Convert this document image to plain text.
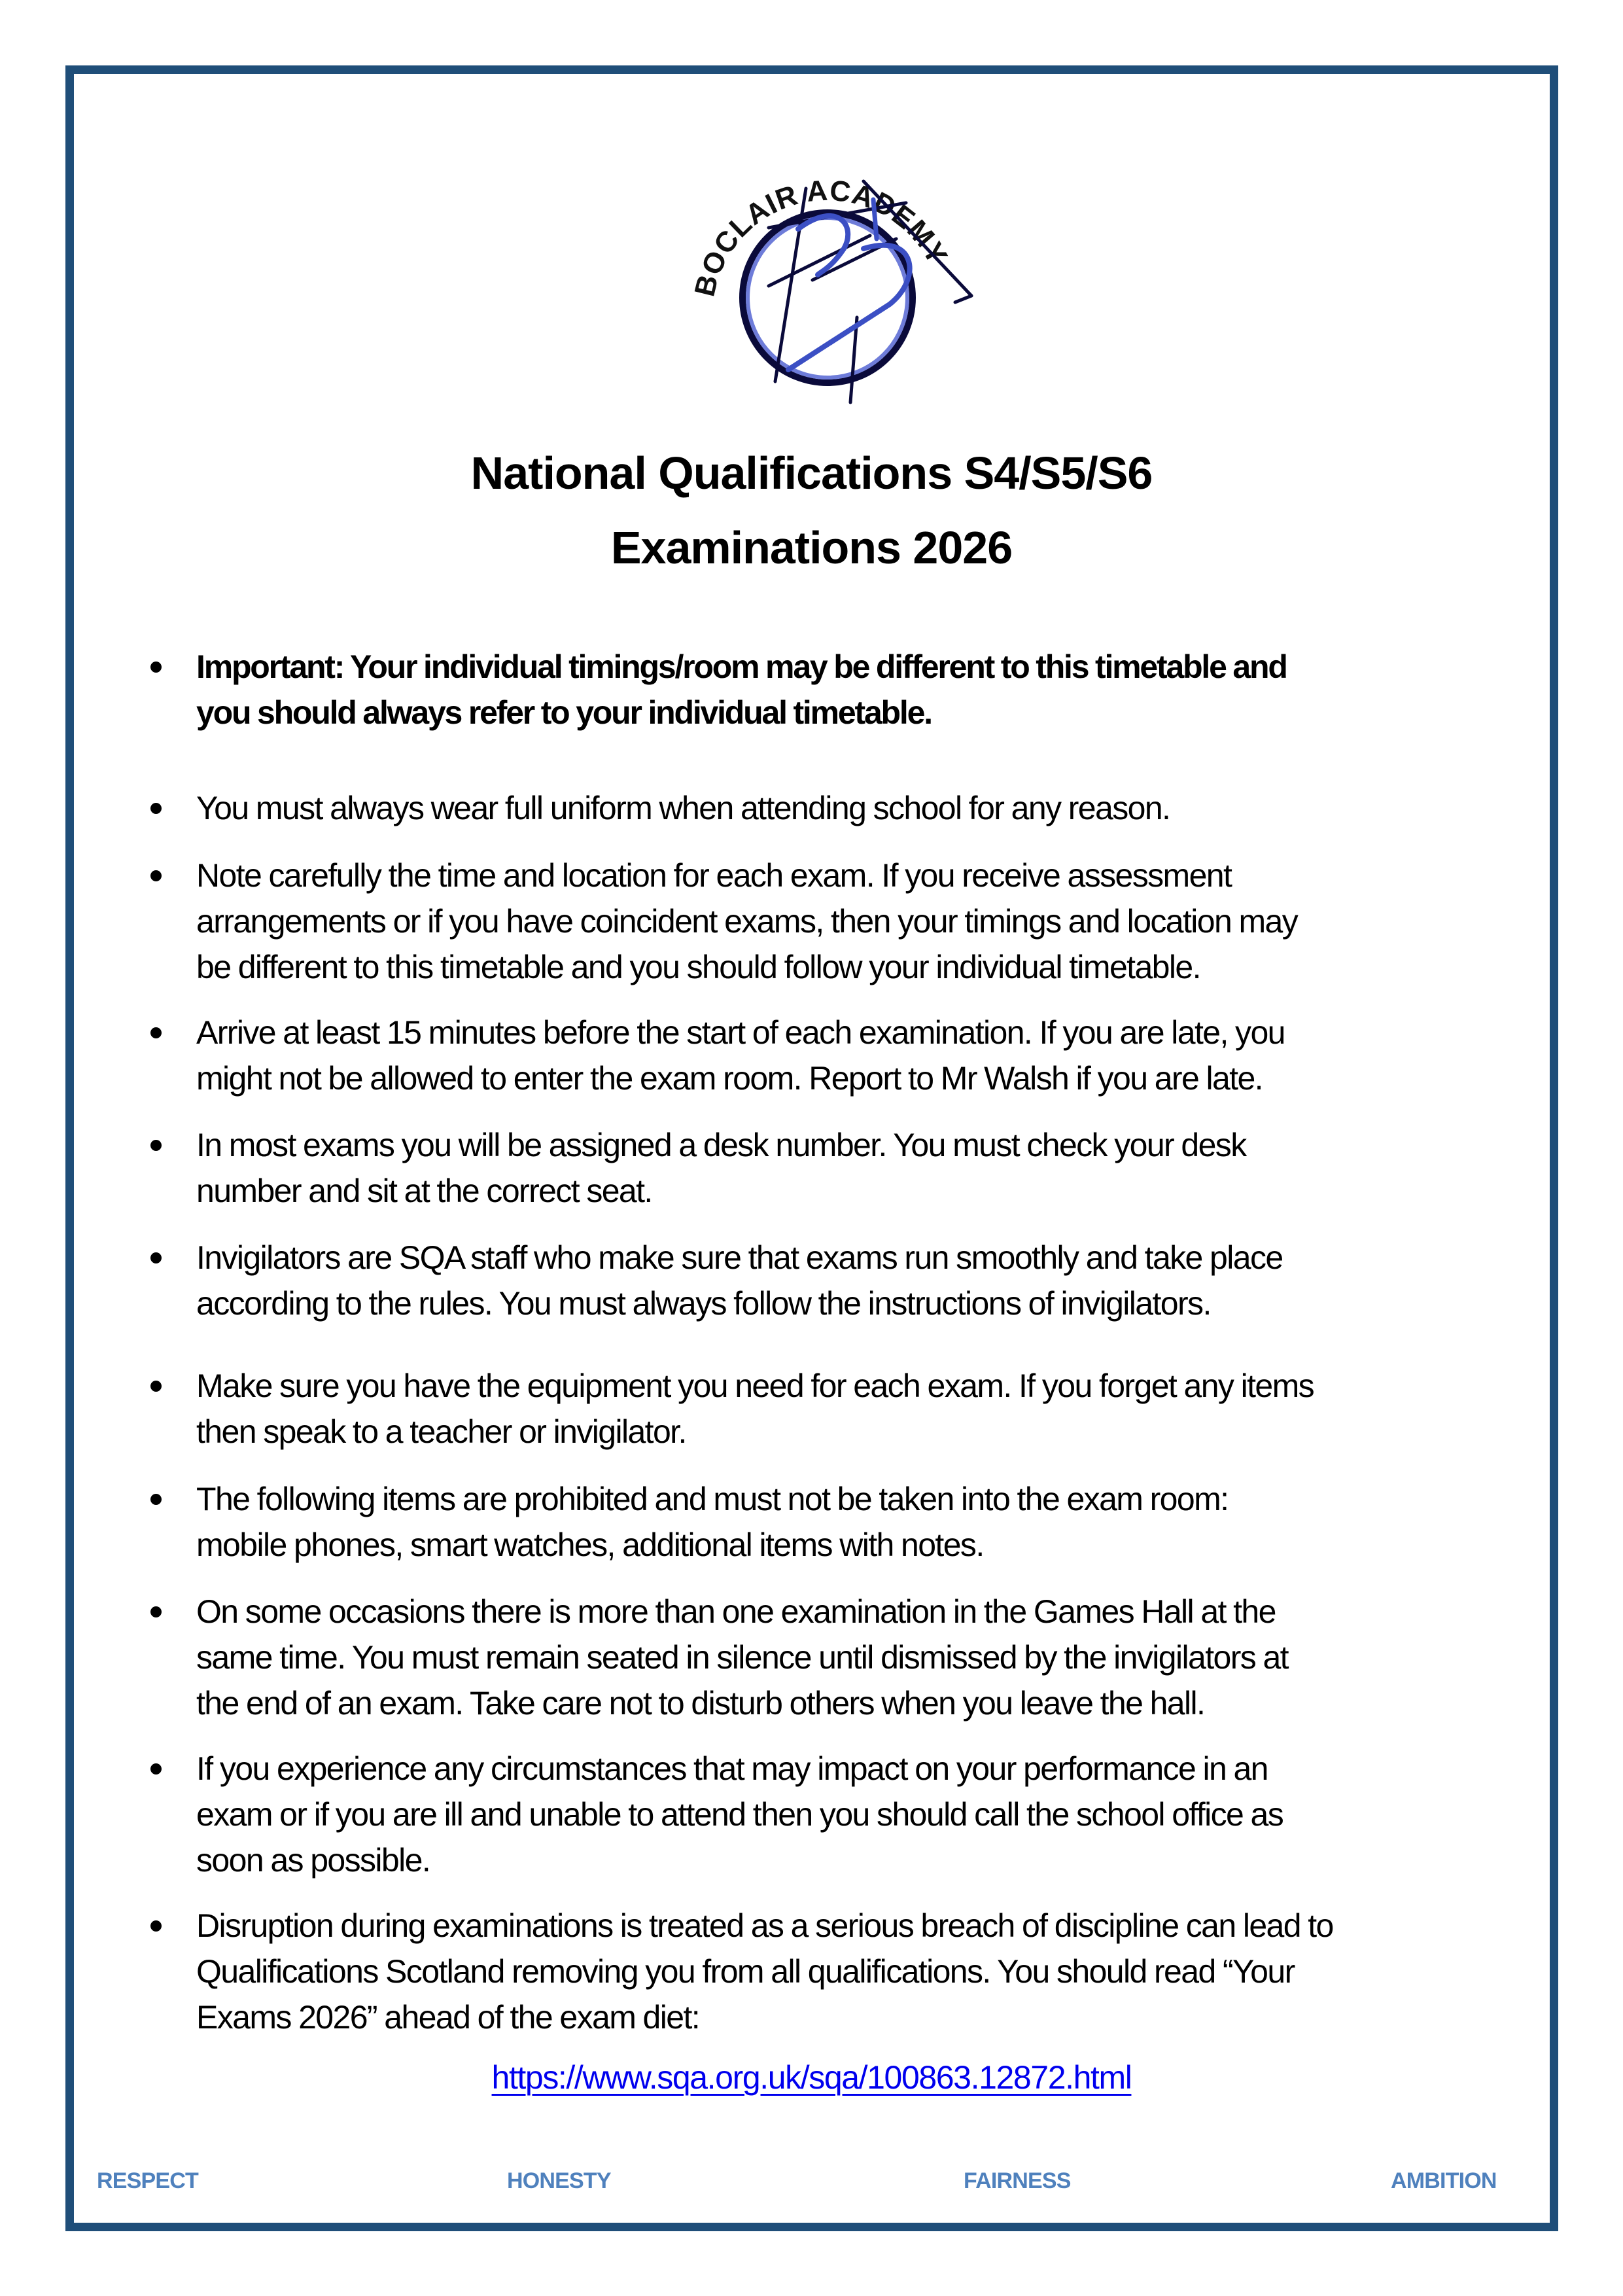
BOCLAIR ACADEMY
National Qualifications S4/S5/S6
Examinations 2026
Important: Your individual timings/room may be different to this timetable and
you should always refer to your individual timetable.
You must always wear full uniform when attending school for any reason.
Note carefully the time and location for each exam. If you receive assessment
arrangements or if you have coincident exams, then your timings and location may
be different to this timetable and you should follow your individual timetable.
Arrive at least 15 minutes before the start of each examination. If you are late, you
might not be allowed to enter the exam room. Report to Mr Walsh if you are late.
In most exams you will be assigned a desk number. You must check your desk
number and sit at the correct seat.
Invigilators are SQA staff who make sure that exams run smoothly and take place
according to the rules. You must always follow the instructions of invigilators.
Make sure you have the equipment you need for each exam. If you forget any items
then speak to a teacher or invigilator.
The following items are prohibited and must not be taken into the exam room:
mobile phones, smart watches, additional items with notes.
On some occasions there is more than one examination in the Games Hall at the
same time. You must remain seated in silence until dismissed by the invigilators at
the end of an exam. Take care not to disturb others when you leave the hall.
If you experience any circumstances that may impact on your performance in an
exam or if you are ill and unable to attend then you should call the school office as
soon as possible.
Disruption during examinations is treated as a serious breach of discipline can lead to
Qualifications Scotland removing you from all qualifications. You should read “Your
Exams 2026” ahead of the exam diet:
https://www.sqa.org.uk/sqa/100863.12872.html
RESPECT	HONESTY	FAIRNESS	AMBITION
